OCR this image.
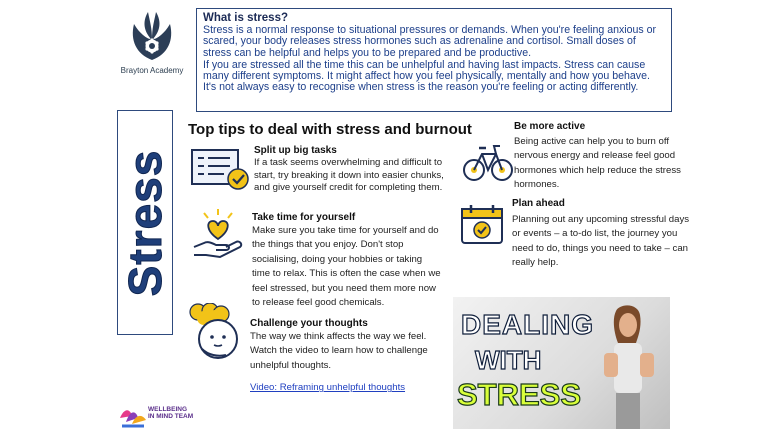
Brayton Academy
What is stress?
Stress is a normal response to situational pressures or demands. When you're feeling anxious or scared, your body releases stress hormones such as adrenaline and cortisol. Small doses of stress can be helpful and helps you to be prepared and be productive.
If you are stressed all the time this can be unhelpful and having last impacts. Stress can cause many different symptoms. It might affect how you feel physically, mentally and how you behave. It's not always easy to recognise when stress is the reason you're feeling or acting differently.
Stress
Top tips to deal with stress and burnout
Split up big tasks
If a task seems overwhelming and difficult to start, try breaking it down into easier chunks, and give yourself credit for completing them.
Take time for yourself
Make sure you take time for yourself and do the things that you enjoy. Don't stop socialising, doing your hobbies or taking time to relax. This is often the case when we feel stressed, but you need them more now to release feel good chemicals.
Challenge your thoughts
The way we think affects the way we feel. Watch the video to learn how to challenge unhelpful thoughts.
Video: Reframing unhelpful thoughts
Be more active
Being active can help you to burn off nervous energy and release feel good hormones which help reduce the stress hormones.
Plan ahead
Planning out any upcoming stressful days or events – a to-do list, the journey you need to do, things you need to take – can really help.
DEALING
WITH
STRESS
WELLBEING
IN MIND TEAM
